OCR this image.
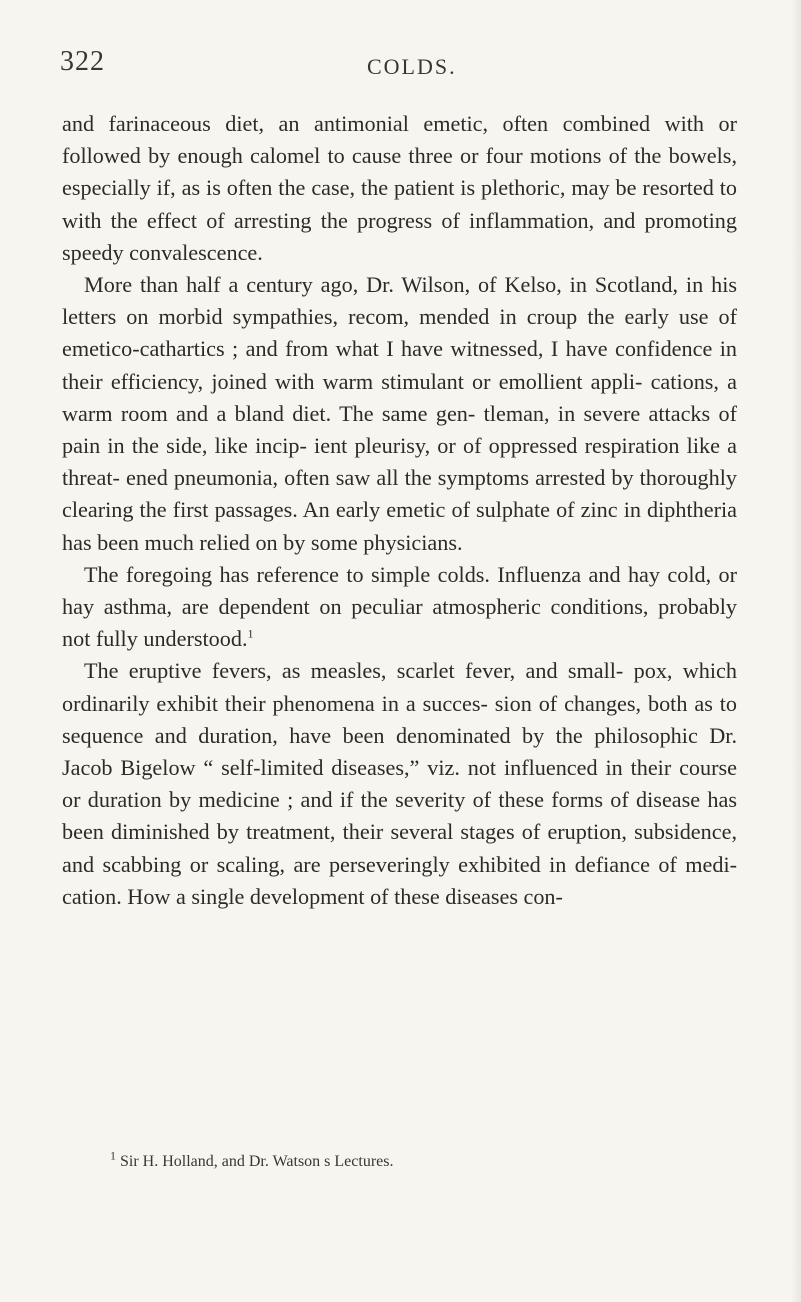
322	COLDS.

and farinaceous diet, an antimonial emetic, often combined with or followed by enough calomel to cause three or four motions of the bowels, especially if, as is often the case, the patient is plethoric, may be resorted to with the effect of arresting the progress of inflammation, and promoting speedy convalescence.

More than half a century ago, Dr. Wilson, of Kelso, in Scotland, in his letters on morbid sympathies, recom, mended in croup the early use of emetico-cathartics ; and from what I have witnessed, I have confidence in their efficiency, joined with warm stimulant or emollient appli- cations, a warm room and a bland diet. The same gen- tleman, in severe attacks of pain in the side, like incip- ient pleurisy, or of oppressed respiration like a threat- ened pneumonia, often saw all the symptoms arrested by thoroughly clearing the first passages. An early emetic of sulphate of zinc in diphtheria has been much relied on by some physicians.

The foregoing has reference to simple colds. Influenza and hay cold, or hay asthma, are dependent on peculiar atmospheric conditions, probably not fully understood.$^1$

The eruptive fevers, as measles, scarlet fever, and small- pox, which ordinarily exhibit their phenomena in a succes- sion of changes, both as to sequence and duration, have been denominated by the philosophic Dr. Jacob Bigelow “ self-limited diseases,” viz. not influenced in their course or duration by medicine ; and if the severity of these forms of disease has been diminished by treatment, their several stages of eruption, subsidence, and scabbing or scaling, are perseveringly exhibited in defiance of medi- cation. How a single development of these diseases con-

$^1$ Sir H. Holland, and Dr. Watson s Lectures.
